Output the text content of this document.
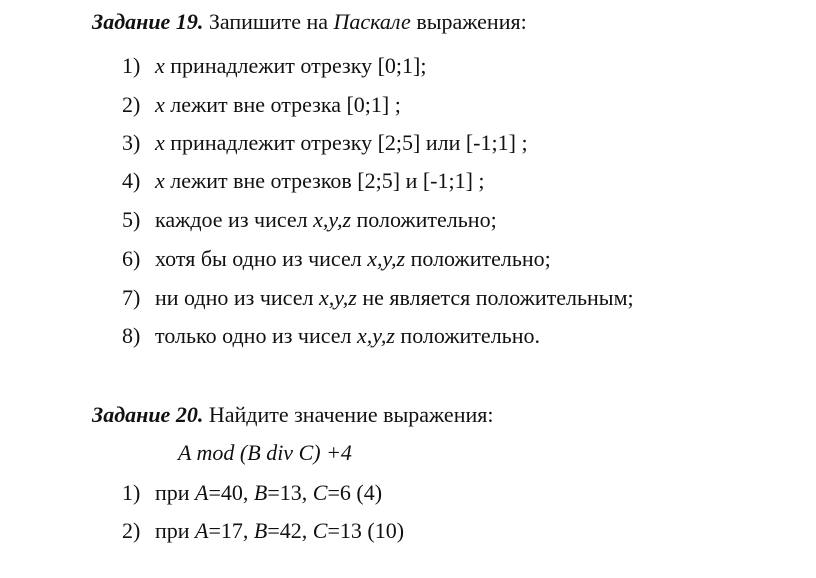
Задание 19. Запишите на Паскале выражения:
1) x принадлежит отрезку [0;1];
2) x лежит вне отрезка [0;1] ;
3) x принадлежит отрезку [2;5] или [-1;1] ;
4) x лежит вне отрезков [2;5] и [-1;1] ;
5) каждое из чисел x,y,z положительно;
6) хотя бы одно из чисел x,y,z положительно;
7) ни одно из чисел x,y,z не является положительным;
8) только одно из чисел x,y,z положительно.
Задание 20. Найдите значение выражения:
A mod (B div C) +4
1) при A=40, B=13, C=6 (4)
2) при A=17, B=42, C=13 (10)
